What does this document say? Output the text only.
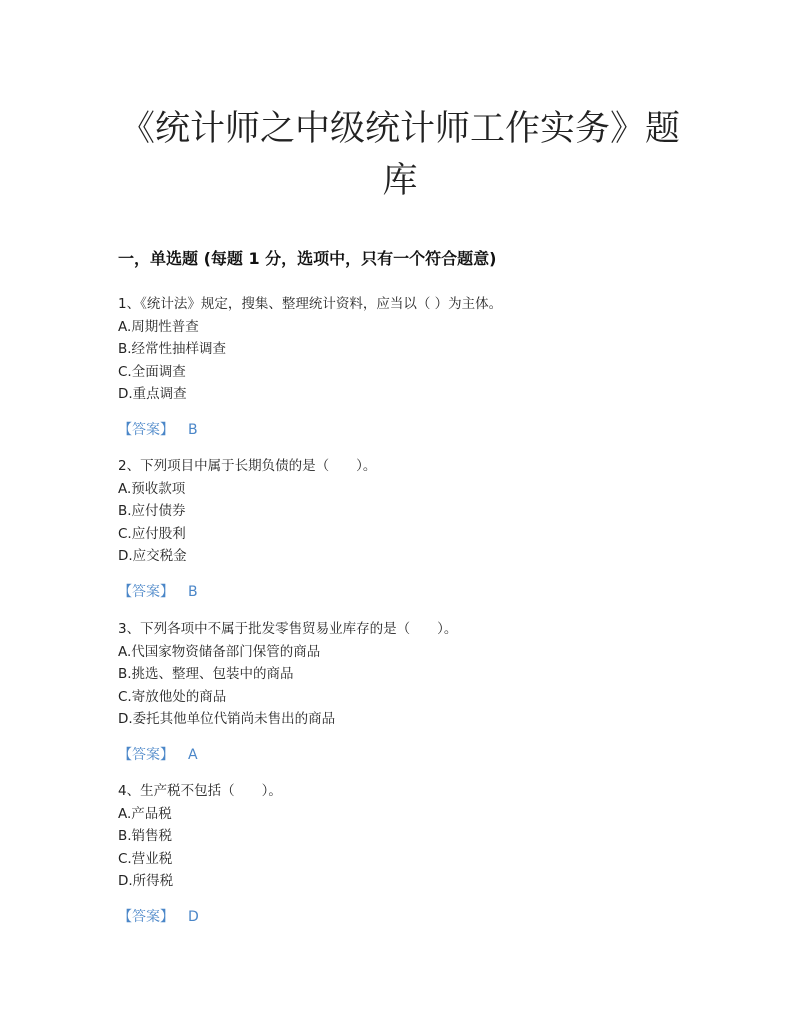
《统计师之中级统计师工作实务》题
库
一，单选题 (每题 1 分，选项中，只有一个符合题意)
1、《统计法》规定，搜集、整理统计资料，应当以（ ）为主体。
A.周期性普查
B.经常性抽样调查
C.全面调查
D.重点调查
【答案】 B
2、下列项目中属于长期负债的是（　　）。
A.预收款项
B.应付债券
C.应付股利
D.应交税金
【答案】 B
3、下列各项中不属于批发零售贸易业库存的是（　　）。
A.代国家物资储备部门保管的商品
B.挑选、整理、包装中的商品
C.寄放他处的商品
D.委托其他单位代销尚未售出的商品
【答案】 A
4、生产税不包括（　　）。
A.产品税
B.销售税
C.营业税
D.所得税
【答案】 D
